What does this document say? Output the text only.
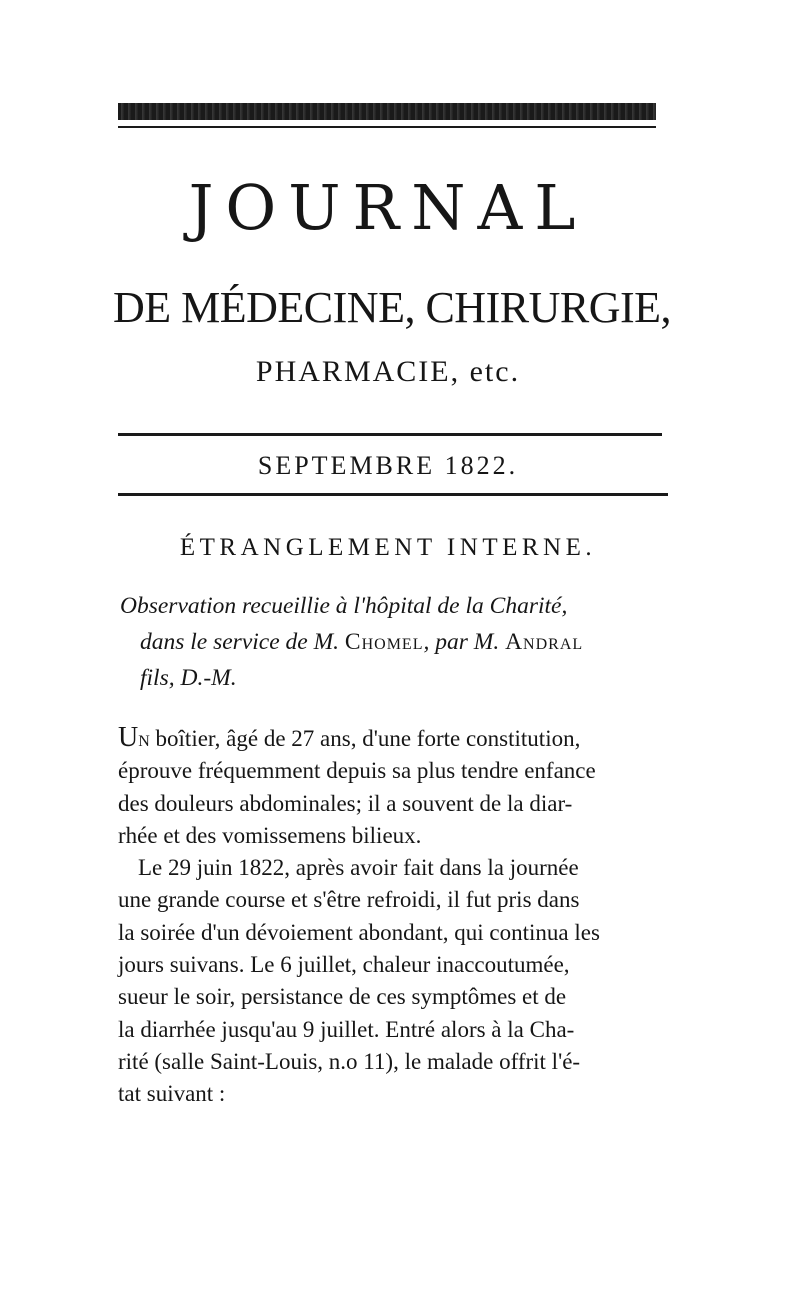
JOURNAL
DE MÉDECINE, CHIRURGIE,
PHARMACIE, etc.
SEPTEMBRE 1822.
ÉTRANGLEMENT INTERNE.
Observation recueillie à l'hôpital de la Charité,
dans le service de M. Chomel, par M. Andral
fils, D.-M.
Un boîtier, âgé de 27 ans, d'une forte constitution,
éprouve fréquemment depuis sa plus tendre enfance
des douleurs abdominales; il a souvent de la diar-
rhée et des vomissemens bilieux.
Le 29 juin 1822, après avoir fait dans la journée
une grande course et s'être refroidi, il fut pris dans
la soirée d'un dévoiement abondant, qui continua les
jours suivans. Le 6 juillet, chaleur inaccoutumée,
sueur le soir, persistance de ces symptômes et de
la diarrhée jusqu'au 9 juillet. Entré alors à la Cha-
rité (salle Saint-Louis, n.o 11), le malade offrit l'é-
tat suivant :
